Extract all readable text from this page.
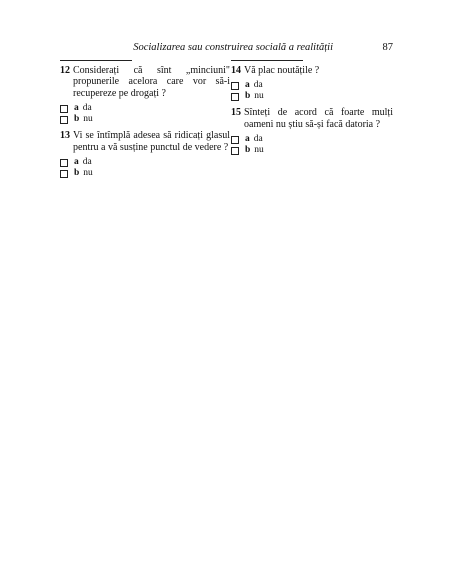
Socializarea sau construirea socială a realității	87
12 Considerați că sînt „minciuni" propunerile acelora care vor să-i recupereze pe drogați ?
a da
b nu
13 Vi se întîmplă adesea să ridicați glasul pentru a vă susține punctul de vedere ?
a da
b nu
14 Vă plac noutățile ?
a da
b nu
15 Sînteți de acord că foarte mulți oameni nu știu să-și facă datoria ?
a da
b nu
